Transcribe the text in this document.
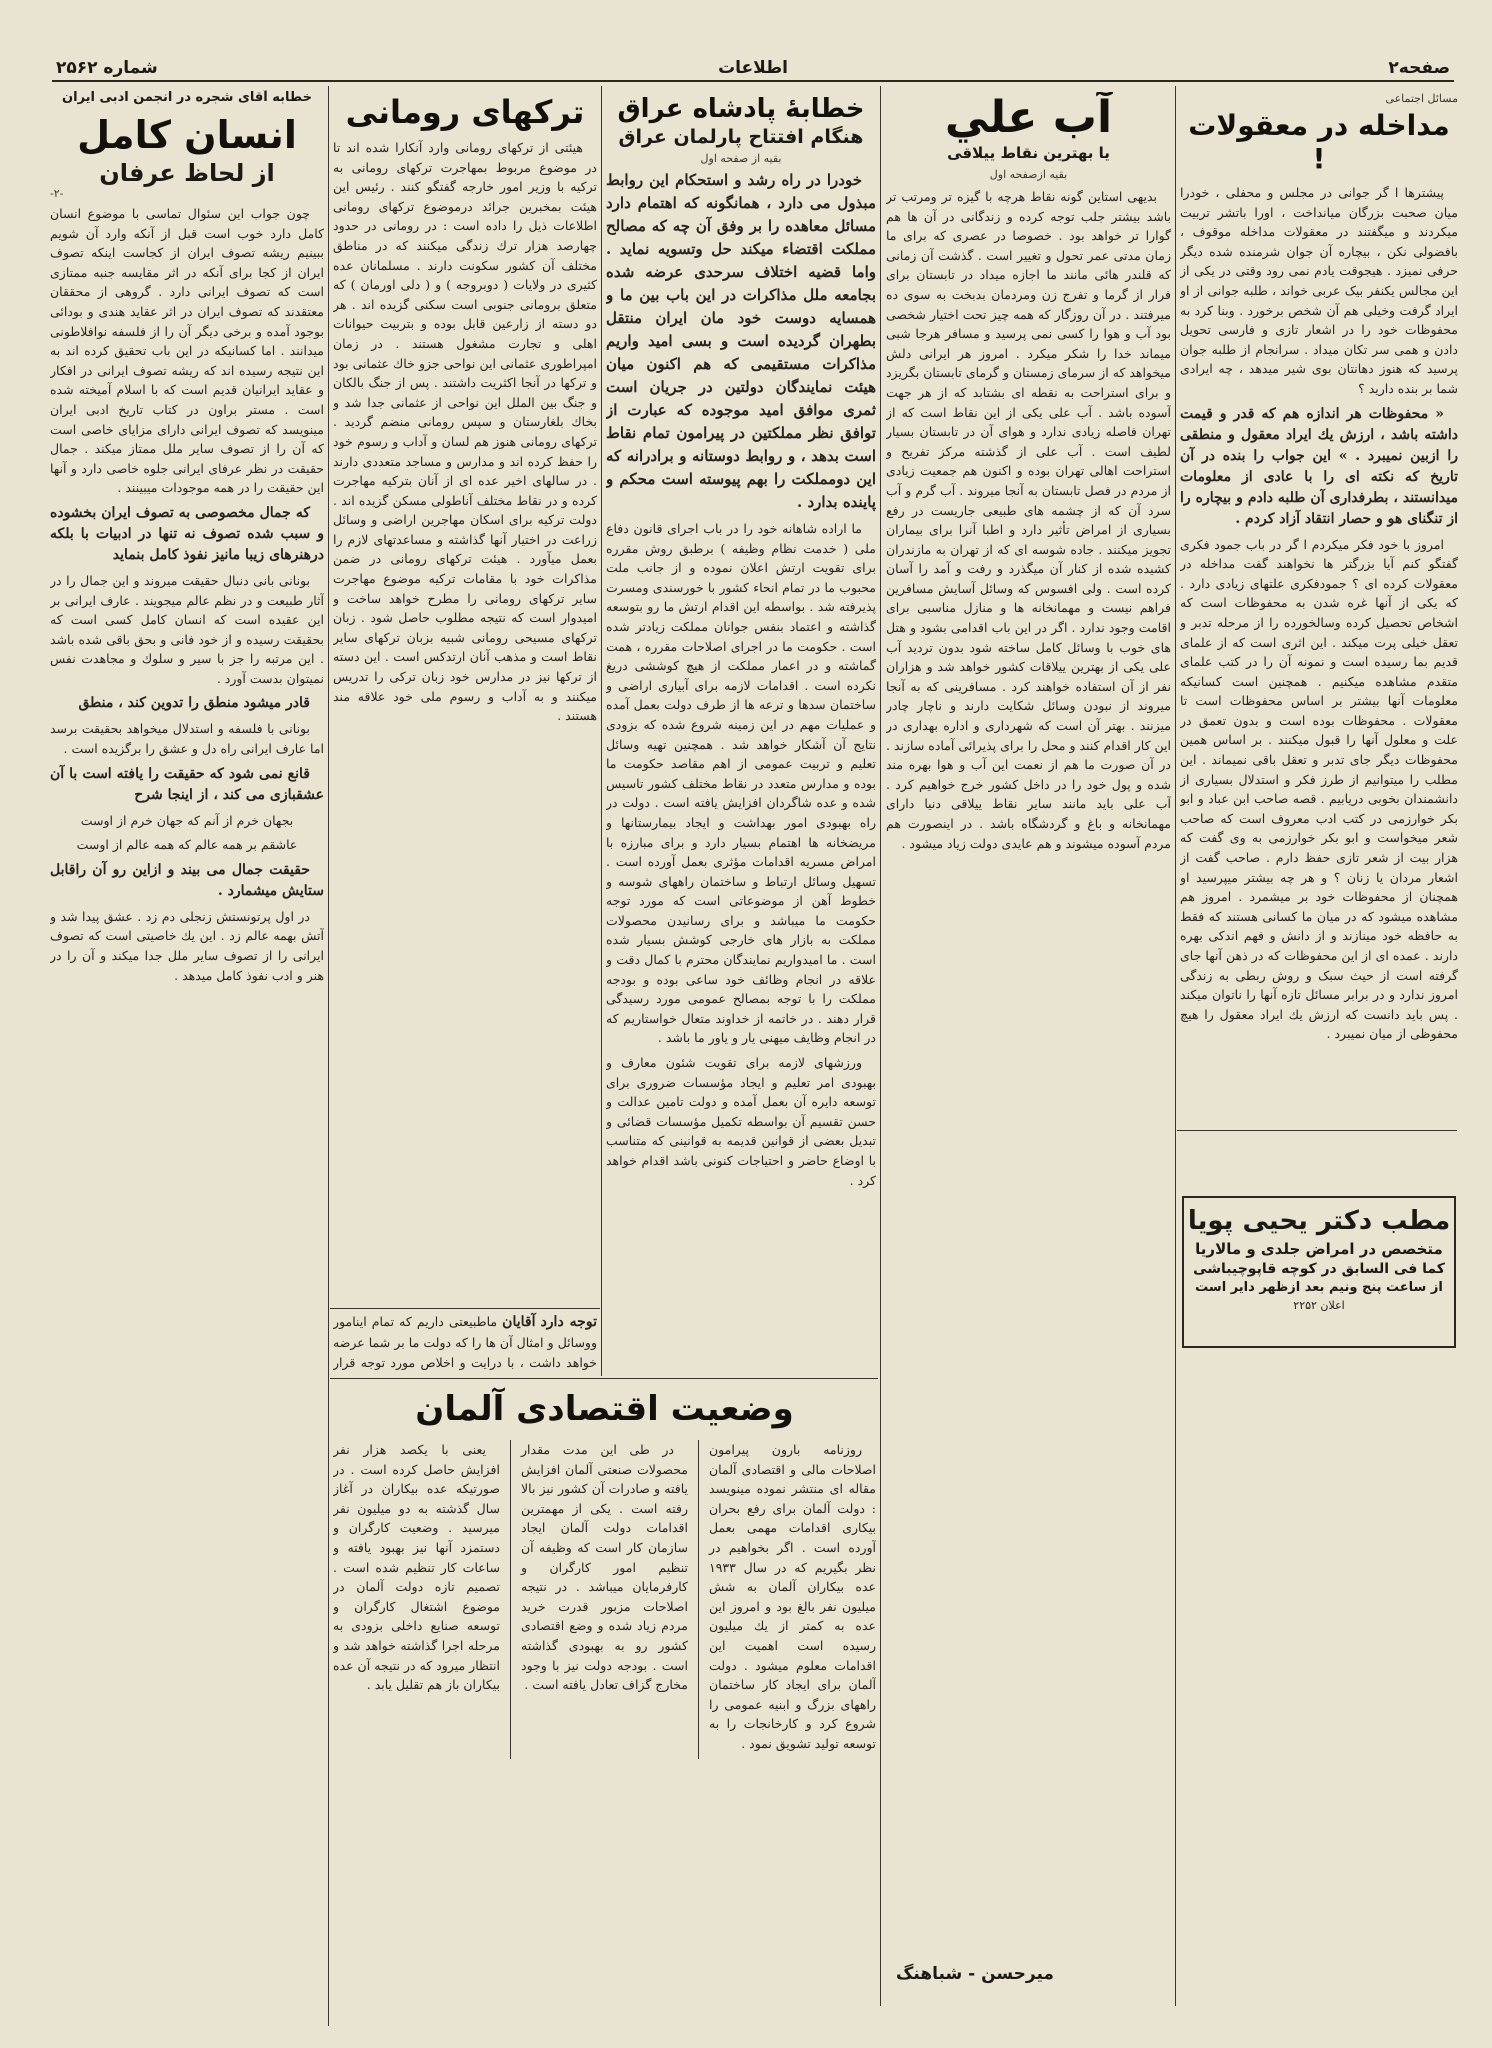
صفحه۲
اطلاعات
شماره ۲۵۶۲
مسائل اجتماعی
مداخله در معقولات !

پیشترها ا گر جوانی در مجلس و محفلی ، خودرا میان صحبت بزرگان میانداخت ، اورا باتشر تربیت میکردند و میگفتند در معقولات مداخله موقوف ، بافضولی نکن ، بیچاره آن جوان شرمنده شده دیگر حرفی نمیزد . هیجوقت یادم نمی رود وقتی در یکی از این مجالس یکنفر بیک عربی خواند ، طلبه جوانی از او ایراد گرفت وخیلی هم آن شخص برخورد . وبنا کرد به محفوظات خود را در اشعار تازی و فارسی تحویل دادن و همی سر تکان میداد . سرانجام از طلبه جوان پرسید که هنوز دهانتان بوی شیر میدهد ، چه ایرادی شما بر بنده دارید ؟

« محفوظات هر اندازه هم که قدر و قیمت داشته باشد ، ارزش یك ایراد معقول و منطقی را ازبین نمیبرد . » این جواب را بنده در آن تاریخ که نکته ای را با عادی از معلومات میدانستند ، بطرفداری آن طلبه دادم و بیچاره را از تنگنای هو و حصار انتقاد آزاد کردم .

امروز با خود فکر میکردم ا گر در باب جمود فکری گفتگو کنم آیا بزرگتر ها نخواهند گفت مداخله در معقولات کرده ای ؟ جمودفکری علتهای زیادی دارد . که یکی از آنها غره شدن به محفوظات است که اشخاص تحصیل کرده وسالخورده را از مرحله تدبر و تعقل خیلی پرت میکند . این اثری است که از علمای قدیم بما رسیده است و نمونه آن را در کتب علمای متقدم مشاهده میکنیم . همچنین است کسانیکه معلومات آنها بیشتر بر اساس محفوظات است تا معقولات . محفوظات بوده است و بدون تعمق در علت و معلول آنها را قبول میکنند . بر اساس همین محفوظات دیگر جای تدبر و تعقل باقی نمیماند . این مطلب را میتوانیم از طرز فکر و استدلال بسیاری از دانشمندان بخوبی دریابیم . قصه صاحب ابن عباد و ابو بکر خوارزمی در کتب ادب معروف است که صاحب شعر میخواست و ابو بکر خوارزمی به وی گفت که هزار بیت از شعر تازی حفظ دارم . صاحب گفت از اشعار مردان یا زنان ؟ و هر چه بیشتر میپرسید او همچنان از محفوظات خود بر میشمرد . امروز هم مشاهده میشود که در میان ما کسانی هستند که فقط به حافظه خود مینازند و از دانش و فهم اندکی بهره دارند . عمده ای از این محفوظات که در ذهن آنها جای گرفته است از حیث سبک و روش ربطی به زندگی امروز ندارد و در برابر مسائل تازه آنها را ناتوان میکند . پس باید دانست که ارزش یك ایراد معقول را هیچ محفوظی از میان نمیبرد .

مطب دکتر یحیی پویا
متخصص در امراض جلدی و مالاریا
کما فی السابق در کوچه قاپوچیباشی
از ساعت پنج ونیم بعد ازظهر دایر است
اعلان ۲۲۵۲
آب علي
یا بهترین نقاط ییلاقی
بقیه ازصفحه اول

بدیهی استاین گونه نقاط هرچه با گیزه تر ومرتب تر باشد بیشتر جلب توجه کرده و زندگانی در آن ها هم گوارا تر خواهد بود . خصوصا در عصری که برای ما زمان مدتی عمر تحول و تغییر است . گذشت آن زمانی که قلندر هائی مانند ما اجازه میداد در تابستان برای فرار از گرما و تفرج زن ومردمان بدبخت به سوی ده میرفتند . در آن روزگار که همه چیز تحت اختیار شخصی بود آب و هوا را کسی نمی پرسید و مسافر هرجا شبی میماند خدا را شکر میکرد . امروز هر ایرانی دلش میخواهد که از سرمای زمستان و گرمای تابستان بگریزد و برای استراحت به نقطه ای بشتابد که از هر جهت آسوده باشد . آب علی یکی از این نقاط است که از تهران فاصله زیادی ندارد و هوای آن در تابستان بسیار لطیف است . آب علی از گذشته مرکز تفریح و استراحت اهالی تهران بوده و اکنون هم جمعیت زیادی از مردم در فصل تابستان به آنجا میروند . آب گرم و آب سرد آن که از چشمه های طبیعی جاریست در رفع بسیاری از امراض تأثیر دارد و اطبا آنرا برای بیماران تجویز میکنند . جاده شوسه ای که از تهران به مازندران کشیده شده از کنار آن میگذرد و رفت و آمد را آسان کرده است . ولی افسوس که وسائل آسایش مسافرین فراهم نیست و مهمانخانه ها و منازل مناسبی برای اقامت وجود ندارد . اگر در این باب اقدامی بشود و هتل های خوب با وسائل کامل ساخته شود بدون تردید آب علی یکی از بهترین ییلاقات کشور خواهد شد و هزاران نفر از آن استفاده خواهند کرد . مسافرینی که به آنجا میروند از نبودن وسائل شکایت دارند و ناچار چادر میزنند . بهتر آن است که شهرداری و اداره بهداری در این کار اقدام کنند و محل را برای پذیرائی آماده سازند . در آن صورت ما هم از نعمت این آب و هوا بهره مند شده و پول خود را در داخل کشور خرج خواهیم کرد . آب علی باید مانند سایر نقاط ییلاقی دنیا دارای مهمانخانه و باغ و گردشگاه باشد . در اینصورت هم مردم آسوده میشوند و هم عایدی دولت زیاد میشود .

میرحسن - شباهنگ
خطابهٔ پادشاه عراق
هنگام افتتاح پارلمان عراق
بقیه از صفحه اول

خودرا در راه رشد و استحکام این روابط مبذول می دارد ، همانگونه که اهتمام دارد مسائل معاهده را بر وفق آن چه که مصالح مملکت اقتضاء میکند حل وتسویه نماید . واما قضیه اختلاف سرحدی عرضه شده بجامعه ملل مذاکرات در این باب بین ما و همسایه دوست خود مان ایران منتقل بطهران گردیده است و بسی امید واریم مذاکرات مستقیمی که هم اکنون میان هیئت نمایندگان دولتین در جریان است ثمری موافق امید موجوده که عبارت از توافق نظر مملکتین در پیرامون تمام نقاط است بدهد ، و روابط دوستانه و برادرانه که این دومملکت را بهم پیوسته است محکم و پاینده بدارد .

ما اراده شاهانه خود را در باب اجرای قانون دفاع ملی ( خدمت نظام وظیفه ) برطبق روش مقرره برای تقویت ارتش اعلان نموده و از جانب ملت محبوب ما در تمام انحاء کشور با خورسندی ومسرت پذیرفته شد . بواسطه این اقدام ارتش ما رو بتوسعه گذاشته و اعتماد بنفس جوانان مملکت زیادتر شده است . حکومت ما در اجرای اصلاحات مقرره ، همت گماشته و در اعمار مملکت از هیچ کوششی دریغ نکرده است . اقدامات لازمه برای آبیاری اراضی و ساختمان سدها و ترعه ها از طرف دولت بعمل آمده و عملیات مهم در این زمینه شروع شده که بزودی نتایج آن آشکار خواهد شد . همچنین تهیه وسائل تعلیم و تربیت عمومی از اهم مقاصد حکومت ما بوده و مدارس متعدد در نقاط مختلف کشور تاسیس شده و عده شاگردان افزایش یافته است . دولت در راه بهبودی امور بهداشت و ایجاد بیمارستانها و مریضخانه ها اهتمام بسیار دارد و برای مبارزه با امراض مسریه اقدامات مؤثری بعمل آورده است . تسهیل وسائل ارتباط و ساختمان راههای شوسه و خطوط آهن از موضوعاتی است که مورد توجه حکومت ما میباشد و برای رسانیدن محصولات مملکت به بازار های خارجی کوشش بسیار شده است . ما امیدواریم نمایندگان محترم با کمال دقت و علاقه در انجام وظائف خود ساعی بوده و بودجه مملکت را با توجه بمصالح عمومی مورد رسیدگی قرار دهند . در خاتمه از خداوند متعال خواستاریم که در انجام وظایف میهنی یار و یاور ما باشد .

ورزشهای لازمه برای تقویت شئون معارف و بهبودی امر تعلیم و ایجاد مؤسسات ضروری برای توسعه دایره آن بعمل آمده و دولت تامین عدالت و حسن تقسیم آن بواسطه تکمیل مؤسسات قضائی و تبدیل بعضی از قوانین قدیمه به قوانینی که متناسب با اوضاع حاضر و احتیاجات کنونی باشد اقدام خواهد کرد .

ترکهای رومانی

هیئتی از ترکهای رومانی وارد آنکارا شده اند تا در موضوع مربوط بمهاجرت ترکهای رومانی به ترکیه با وزیر امور خارجه گفتگو کنند . رئیس این هیئت بمخبرین جرائد درموضوع ترکهای رومانی اطلاعات ذیل را داده است : در رومانی در حدود چهارصد هزار ترك زندگی میکنند که در مناطق مختلف آن کشور سکونت دارند . مسلمانان عده کثیری در ولایات ( دوبروجه ) و ( دلی اورمان ) که متعلق برومانی جنوبی است سکنی گزیده اند . هر دو دسته از زارعین قابل بوده و بتربیت حیوانات اهلی و تجارت مشغول هستند . در زمان امپراطوری عثمانی این نواحی جزو خاك عثمانی بود و ترکها در آنجا اکثریت داشتند . پس از جنگ بالکان و جنگ بین الملل این نواحی از عثمانی جدا شد و بخاك بلغارستان و سپس رومانی منضم گردید . ترکهای رومانی هنوز هم لسان و آداب و رسوم خود را حفظ کرده اند و مدارس و مساجد متعددی دارند . در سالهای اخیر عده ای از آنان بترکیه مهاجرت کرده و در نقاط مختلف آناطولی مسکن گزیده اند . دولت ترکیه برای اسکان مهاجرین اراضی و وسائل زراعت در اختیار آنها گذاشته و مساعدتهای لازم را بعمل میآورد . هیئت ترکهای رومانی در ضمن مذاکرات خود با مقامات ترکیه موضوع مهاجرت سایر ترکهای رومانی را مطرح خواهد ساخت و امیدوار است که نتیجه مطلوب حاصل شود . زبان ترکهای مسیحی رومانی شبیه بزبان ترکهای سایر نقاط است و مذهب آنان ارتدکس است . این دسته از ترکها نیز در مدارس خود زبان ترکی را تدریس میکنند و به آداب و رسوم ملی خود علاقه مند هستند .

توجه دارد آقایان ماطبیعتی داریم که تمام اینامور ووسائل و امثال آن ها را که دولت ما بر شما عرضه خواهد داشت ، با درایت و اخلاص مورد توجه قرار
خطابه آقای شجره در انجمن ادبی ایران
انسان کامل
از لحاظ عرفان
-۲-

چون جواب این سئوال تماسی با موضوع انسان کامل دارد خوب است قبل از آنکه وارد آن شویم ببینیم ریشه تصوف ایران از کجاست اینکه تصوف ایران از کجا برای آنکه در اثر مقایسه جنبه ممتازی است که تصوف ایرانی دارد . گروهی از محققان معتقدند که تصوف ایران در اثر عقاید هندی و بودائی بوجود آمده و برخی دیگر آن را از فلسفه نوافلاطونی میدانند . اما کسانیکه در این باب تحقیق کرده اند به این نتیجه رسیده اند که ریشه تصوف ایرانی در افکار و عقاید ایرانیان قدیم است که با اسلام آمیخته شده است . مستر براون در کتاب تاریخ ادبی ایران مینویسد که تصوف ایرانی دارای مزایای خاصی است که آن را از تصوف سایر ملل ممتاز میکند . جمال حقیقت در نظر عرفای ایرانی جلوه خاصی دارد و آنها این حقیقت را در همه موجودات میبینند .

که جمال مخصوصی به تصوف ایران بخشوده و سبب شده تصوف نه تنها در ادبیات با بلکه درهنرهای زیبا مانیز نفوذ کامل بنماید

بونانی بانی دنبال حقیقت میروند و این جمال را در آثار طبیعت و در نظم عالم میجویند . عارف ایرانی بر این عقیده است که انسان کامل کسی است که بحقیقت رسیده و از خود فانی و بحق باقی شده باشد . این مرتبه را جز با سیر و سلوك و مجاهدت نفس نمیتوان بدست آورد .

قادر میشود منطق را تدوین کند ، منطق

بونانی با فلسفه و استدلال میخواهد بحقیقت برسد اما عارف ایرانی راه دل و عشق را برگزیده است .

قانع نمی شود که حقیقت را یافته است با آن عشقبازی می کند ، از اینجا شرح

بجهان خرم از آنم که جهان خرم از اوست

عاشقم بر همه عالم که همه عالم از اوست

حقیقت جمال می بیند و ازاین رو آن راقابل ستایش میشمارد .

در اول پرتونستش زنجلی دم زد . عشق پیدا شد و آتش بهمه عالم زد . این یك خاصیتی است که تصوف ایرانی را از تصوف سایر ملل جدا میکند و آن را در هنر و ادب نفوذ کامل میدهد .

وضعیت اقتصادی آلمان

روزنامه بارون پیرامون اصلاحات مالی و اقتصادی آلمان مقاله ای منتشر نموده مینویسد : دولت آلمان برای رفع بحران بیکاری اقدامات مهمی بعمل آورده است . اگر بخواهیم در نظر بگیریم که در سال ۱۹۳۳ عده بیکاران آلمان به شش میلیون نفر بالغ بود و امروز این عده به کمتر از یك میلیون رسیده است اهمیت این اقدامات معلوم میشود . دولت آلمان برای ایجاد کار ساختمان راههای بزرگ و ابنیه عمومی را شروع کرد و کارخانجات را به توسعه تولید تشویق نمود .

در طی این مدت مقدار محصولات صنعتی آلمان افزایش یافته و صادرات آن کشور نیز بالا رفته است . یکی از مهمترین اقدامات دولت آلمان ایجاد سازمان کار است که وظیفه آن تنظیم امور کارگران و کارفرمایان میباشد . در نتیجه اصلاحات مزبور قدرت خرید مردم زیاد شده و وضع اقتصادی کشور رو به بهبودی گذاشته است . بودجه دولت نیز با وجود مخارج گزاف تعادل یافته است .

یعنی با یکصد هزار نفر افزایش حاصل کرده است . در صورتیکه عده بیکاران در آغاز سال گذشته به دو میلیون نفر میرسید . وضعیت کارگران و دستمزد آنها نیز بهبود یافته و ساعات کار تنظیم شده است . تصمیم تازه دولت آلمان در موضوع اشتغال کارگران و توسعه صنایع داخلی بزودی به مرحله اجرا گذاشته خواهد شد و انتظار میرود که در نتیجه آن عده بیکاران باز هم تقلیل یابد .
